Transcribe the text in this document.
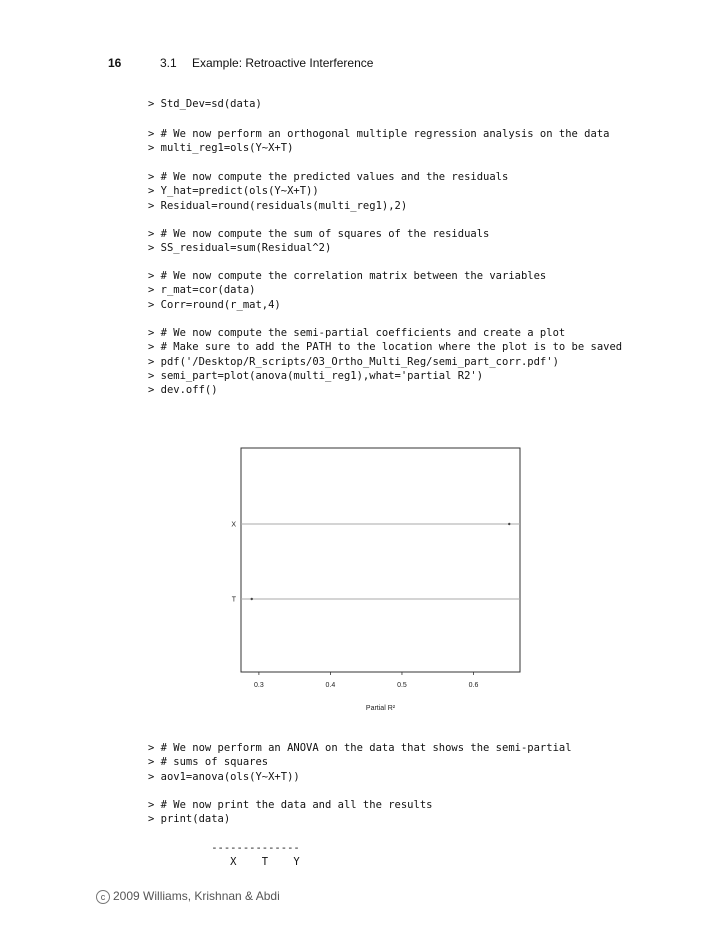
16	3.1 Example: Retroactive Interference
> Std_Dev=sd(data)
> # We now perform an orthogonal multiple regression analysis on the data
> multi_reg1=ols(Y~X+T)
> # We now compute the predicted values and the residuals
> Y_hat=predict(ols(Y~X+T))
> Residual=round(residuals(multi_reg1),2)
> # We now compute the sum of squares of the residuals
> SS_residual=sum(Residual^2)
> # We now compute the correlation matrix between the variables
> r_mat=cor(data)
> Corr=round(r_mat,4)
> # We now compute the semi-partial coefficients and create a plot
> # Make sure to add the PATH to the location where the plot is to be saved
> pdf('/Desktop/R_scripts/03_Ortho_Multi_Reg/semi_part_corr.pdf')
> semi_part=plot(anova(multi_reg1),what='partial R2')
> dev.off()
X
T
0.3	0.4	0.5	0.6
Partial R²
> # We now perform an ANOVA on the data that shows the semi-partial
> # sums of squares
> aov1=anova(ols(Y~X+T))
> # We now print the data and all the results
> print(data)
--------------
X    T    Y
c 2009 Williams, Krishnan & Abdi
